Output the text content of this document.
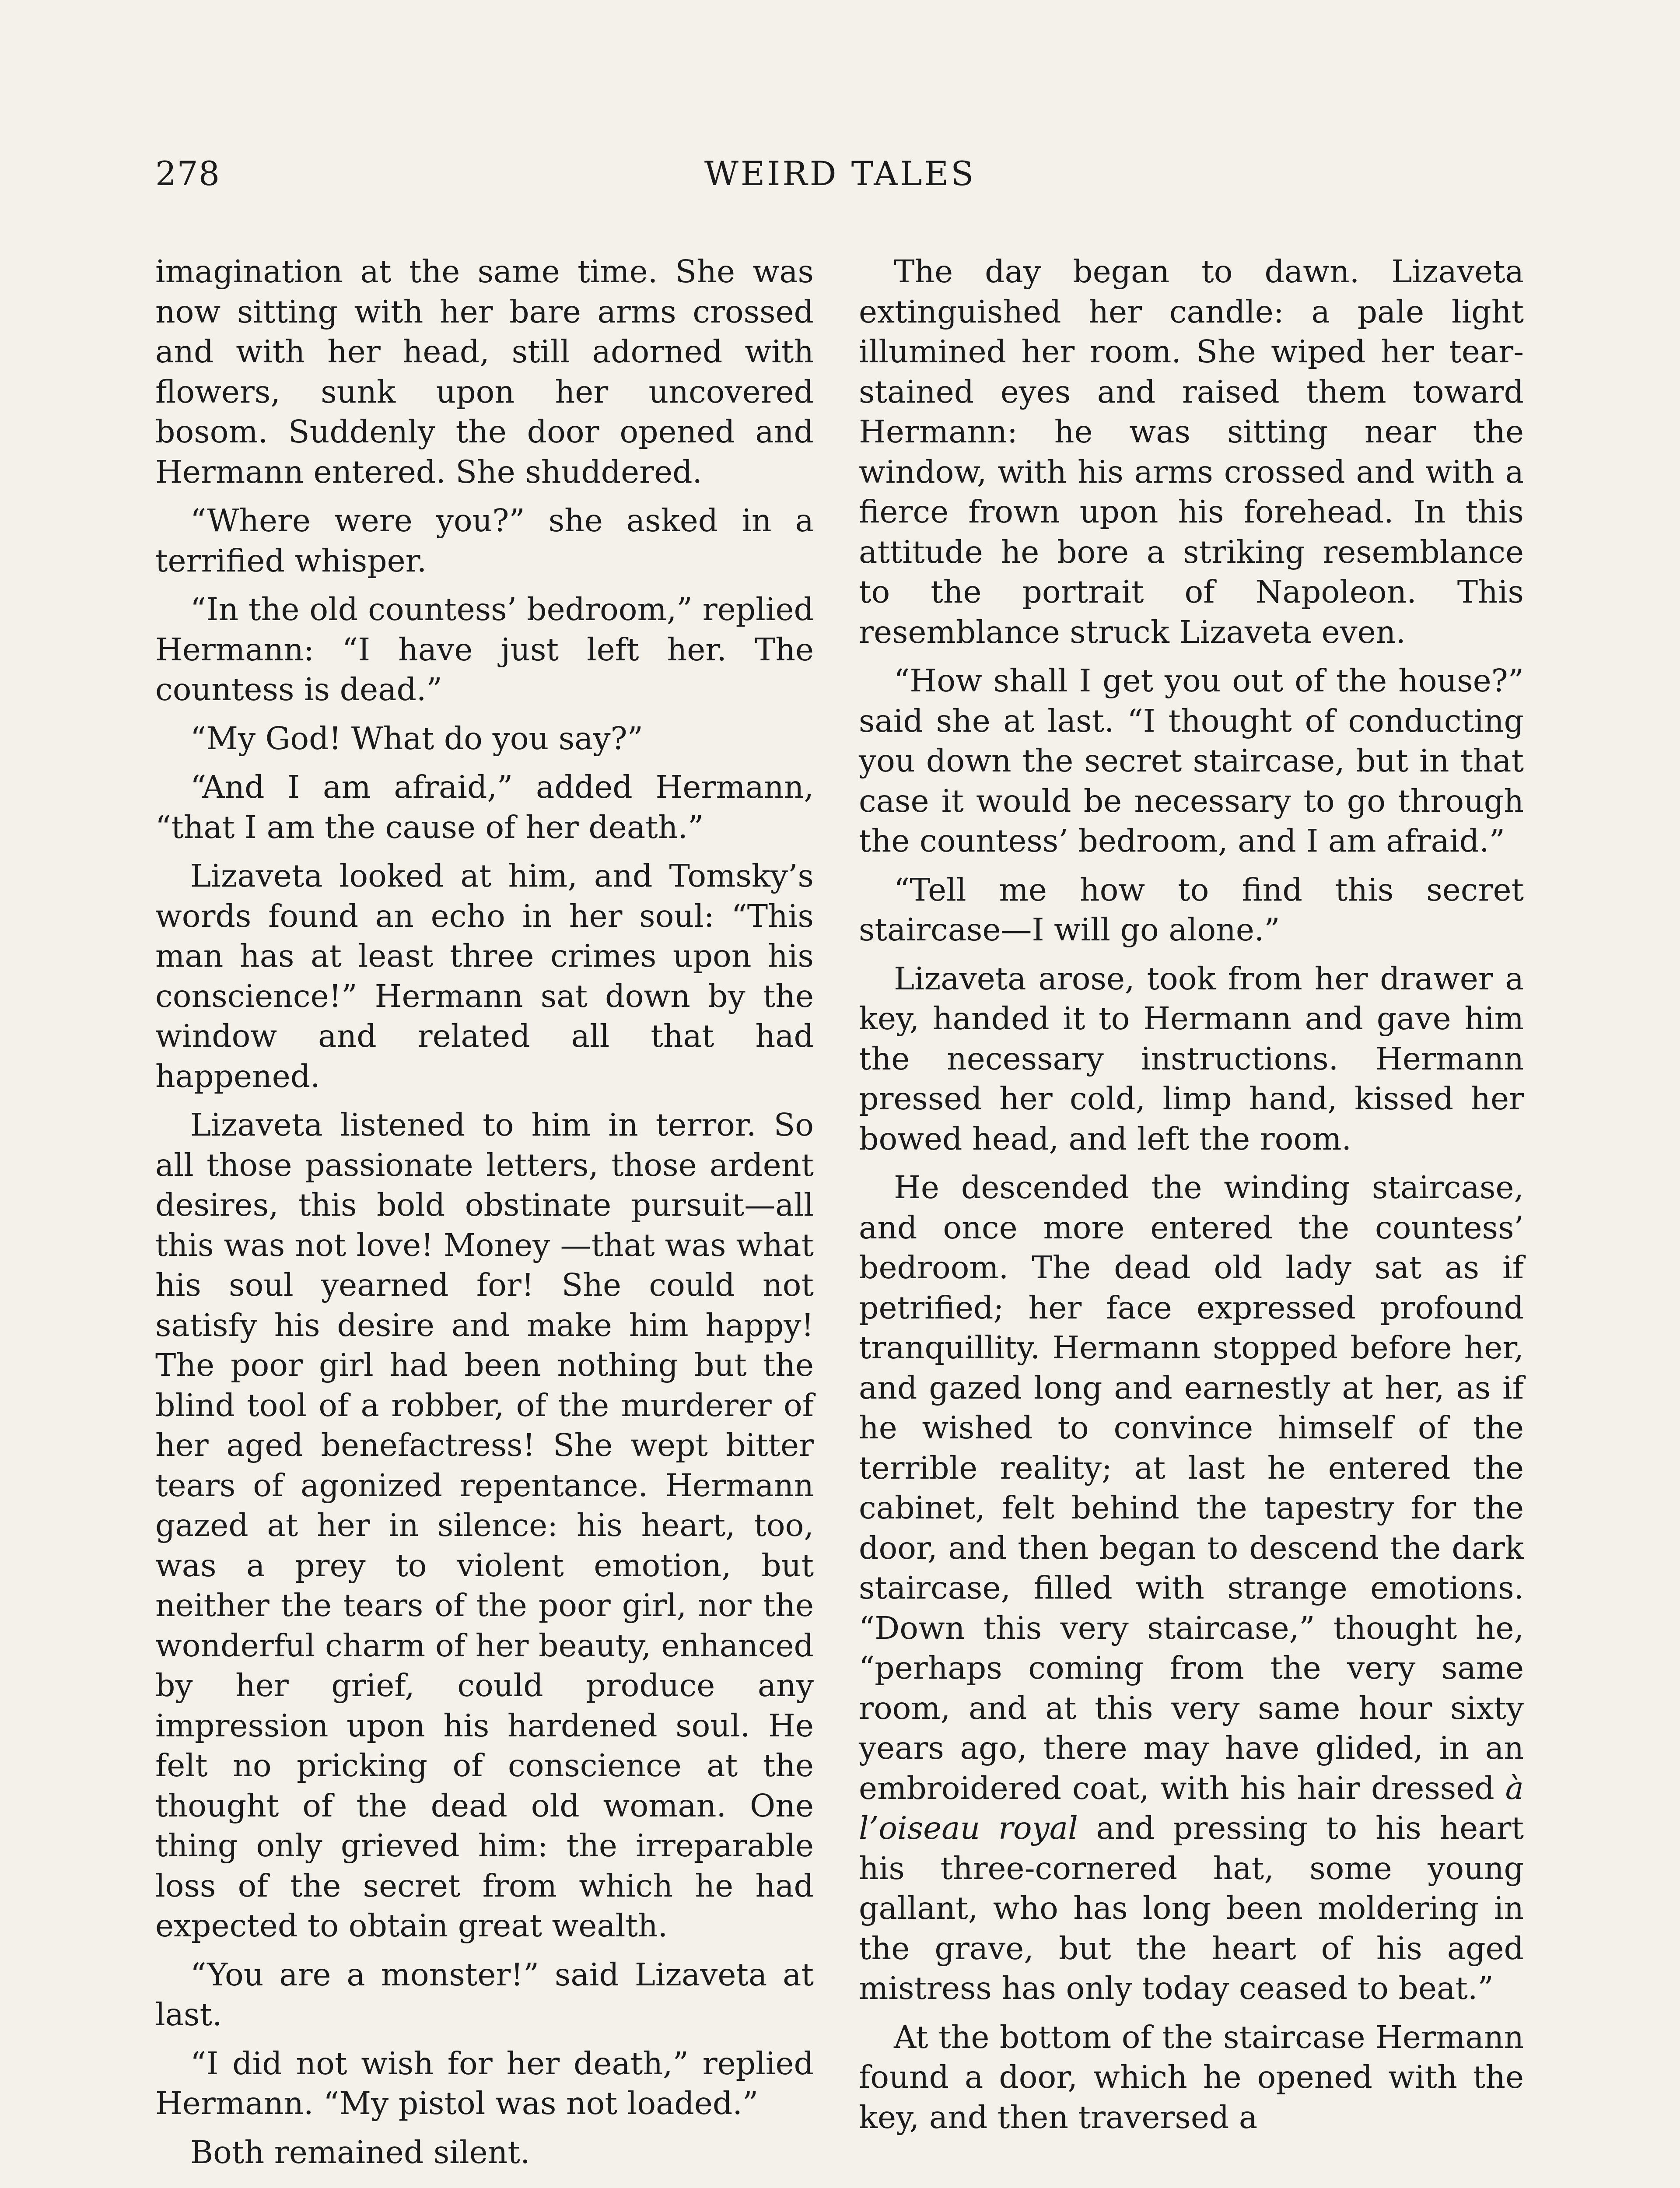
278	WEIRD TALES

imagination at the same time. She was now sitting with her bare arms crossed and with her head, still adorned with flowers, sunk upon her uncovered bosom. Suddenly the door opened and Hermann entered. She shuddered.

“Where were you?” she asked in a terrified whisper.

“In the old countess’ bedroom,” replied Hermann: “I have just left her. The countess is dead.”

“My God! What do you say?”

“And I am afraid,” added Hermann, “that I am the cause of her death.”

Lizaveta looked at him, and Tomsky’s words found an echo in her soul: “This man has at least three crimes upon his conscience!” Hermann sat down by the window and related all that had happened.

Lizaveta listened to him in terror. So all those passionate letters, those ardent desires, this bold obstinate pursuit—all this was not love! Money —that was what his soul yearned for! She could not satisfy his desire and make him happy! The poor girl had been nothing but the blind tool of a robber, of the murderer of her aged benefactress! She wept bitter tears of agonized repentance. Hermann gazed at her in silence: his heart, too, was a prey to violent emotion, but neither the tears of the poor girl, nor the wonderful charm of her beauty, enhanced by her grief, could produce any impression upon his hardened soul. He felt no pricking of conscience at the thought of the dead old woman. One thing only grieved him: the irreparable loss of the secret from which he had expected to obtain great wealth.

“You are a monster!” said Lizaveta at last.

“I did not wish for her death,” replied Hermann. “My pistol was not loaded.”

Both remained silent.

The day began to dawn. Lizaveta extinguished her candle: a pale light illumined her room. She wiped her tear-stained eyes and raised them toward Hermann: he was sitting near the window, with his arms crossed and with a fierce frown upon his forehead. In this attitude he bore a striking resemblance to the portrait of Napoleon. This resemblance struck Lizaveta even.

“How shall I get you out of the house?” said she at last. “I thought of conducting you down the secret staircase, but in that case it would be necessary to go through the countess’ bedroom, and I am afraid.”

“Tell me how to find this secret staircase—I will go alone.”

Lizaveta arose, took from her drawer a key, handed it to Hermann and gave him the necessary instructions. Hermann pressed her cold, limp hand, kissed her bowed head, and left the room.

He descended the winding staircase, and once more entered the countess’ bedroom. The dead old lady sat as if petrified; her face expressed profound tranquillity. Hermann stopped before her, and gazed long and earnestly at her, as if he wished to convince himself of the terrible reality; at last he entered the cabinet, felt behind the tapestry for the door, and then began to descend the dark staircase, filled with strange emotions. “Down this very staircase,” thought he, “perhaps coming from the very same room, and at this very same hour sixty years ago, there may have glided, in an embroidered coat, with his hair dressed à l’oiseau royal and pressing to his heart his three-cornered hat, some young gallant, who has long been moldering in the grave, but the heart of his aged mistress has only today ceased to beat.”

At the bottom of the staircase Hermann found a door, which he opened with the key, and then traversed a
